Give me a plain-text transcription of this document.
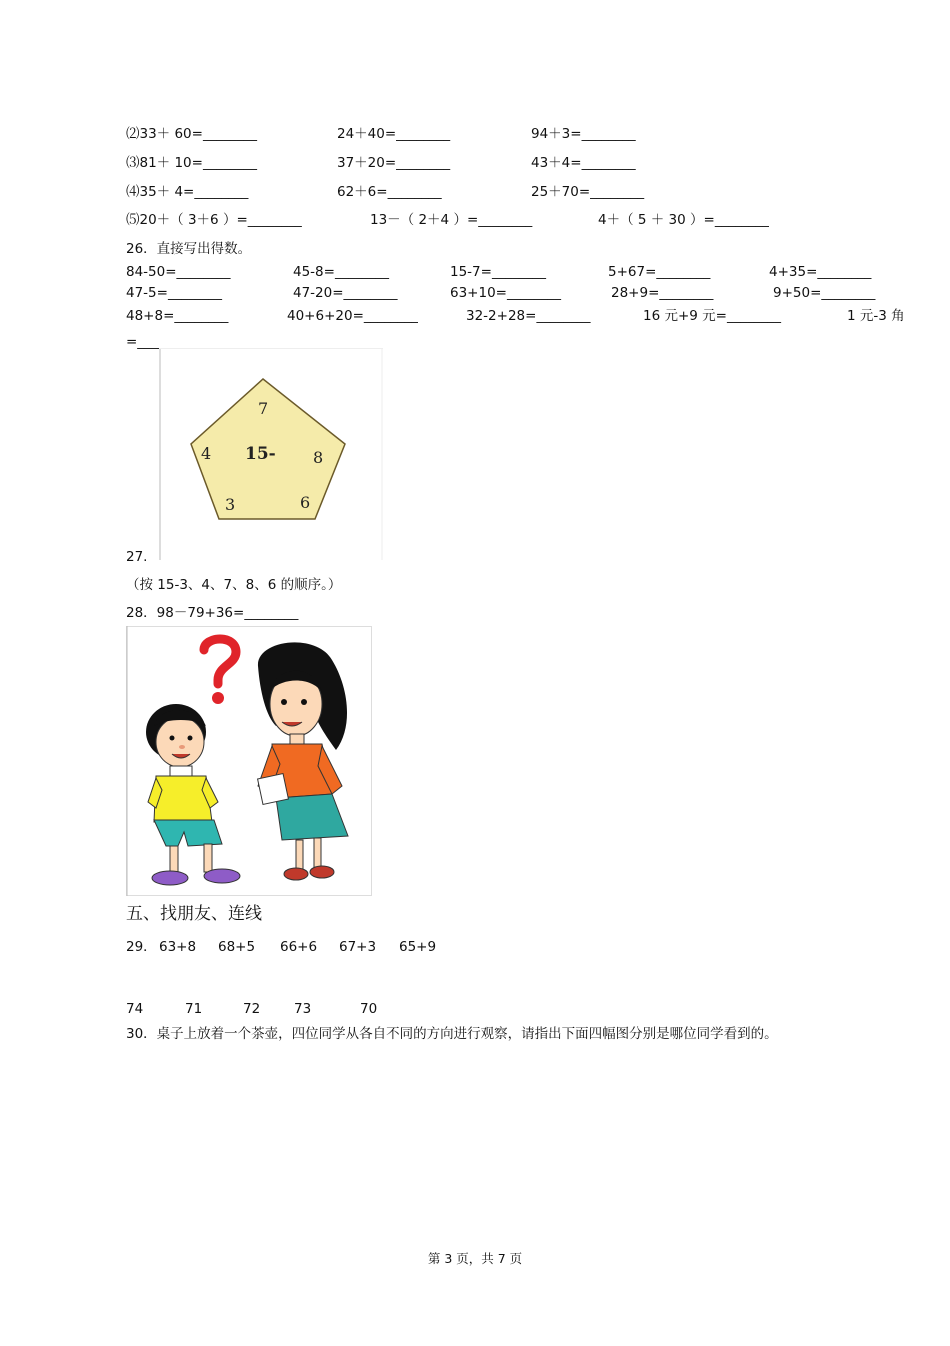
⑵33＋ 60=________	24＋40=________	94＋3=________
⑶81＋ 10=________	37＋20=________	43＋4=________
⑷35＋ 4=________	62＋6=________	25＋70=________
⑸20＋（ 3＋6 ）=________	13－（ 2＋4 ）=________	4＋（ 5 ＋ 30 ）=________
26．直接写出得数。
84-50=________	45-8=________	15-7=________	5+67=________	4+35=________
47-5=________	47-20=________	63+10=________	28+9=________	9+50=________
48+8=________	40+6+20=________	32-2+28=________	16 元+9 元=________	1 元-3 角
=________
7
4 15- 8
3	6
27.
（按 15-3、4、7、8、6 的顺序。）
28．98－79+36=________
五、找朋友、连线
29． 63+8 68+5 66+6 67+3 65+9
74	71	72	73	70
30．桌子上放着一个茶壶，四位同学从各自不同的方向进行观察，请指出下面四幅图分别是哪位同学看到的。
第 3 页，共 7 页
